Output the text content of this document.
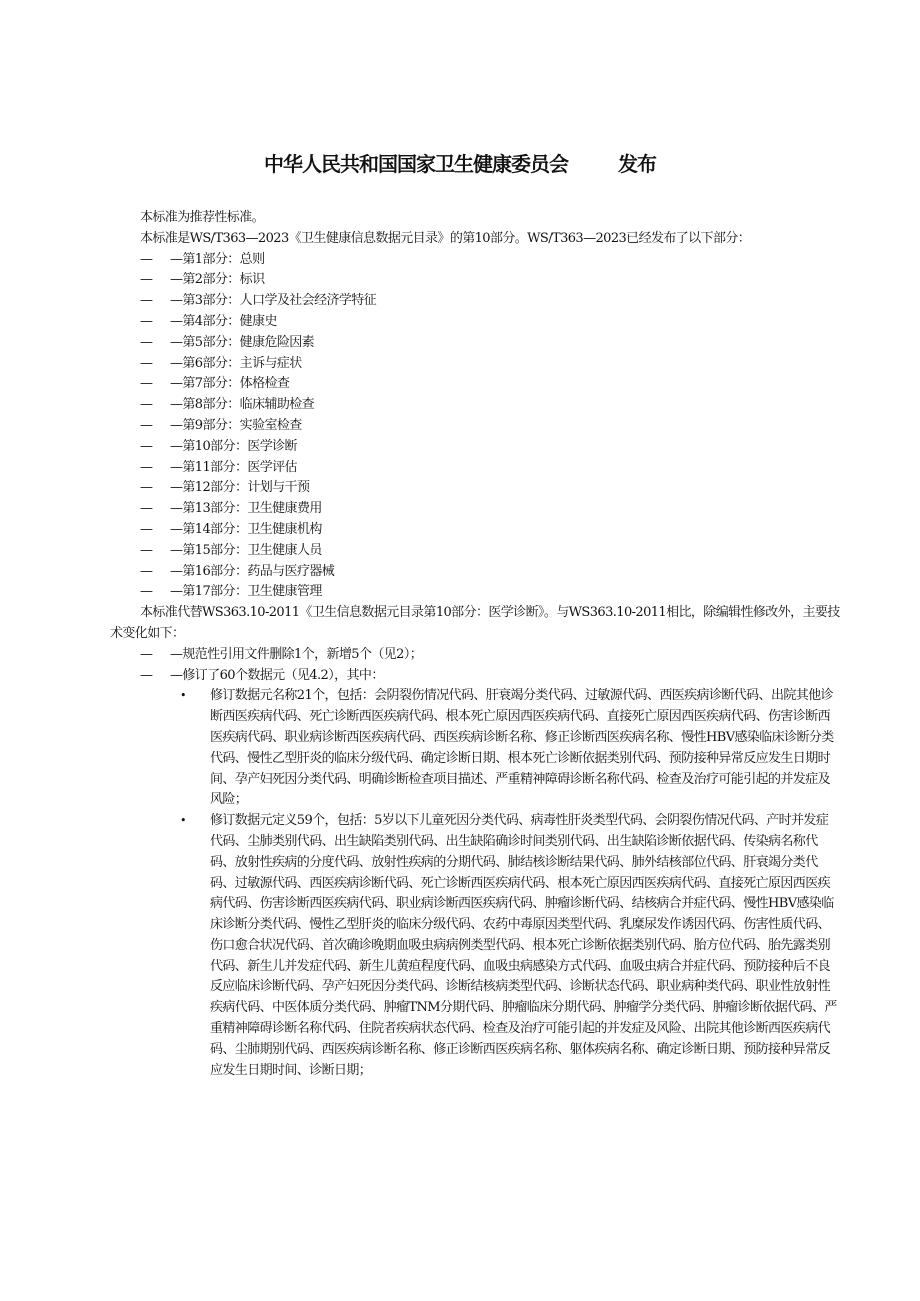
中华人民共和国国家卫生健康委员会	发布

本标准为推荐性标准。

本标准是WS/T363—2023《卫生健康信息数据元目录》的第10部分。WS/T363—2023已经发布了以下部分：

— —第1部分：总则
— —第2部分：标识
— —第3部分：人口学及社会经济学特征
— —第4部分：健康史
— —第5部分：健康危险因素
— —第6部分：主诉与症状
— —第7部分：体格检查
— —第8部分：临床辅助检查
— —第9部分：实验室检查
— —第10部分：医学诊断
— —第11部分：医学评估
— —第12部分：计划与干预
— —第13部分：卫生健康费用
— —第14部分：卫生健康机构
— —第15部分：卫生健康人员
— —第16部分：药品与医疗器械
— —第17部分：卫生健康管理

本标准代替WS363.10-2011《卫生信息数据元目录第10部分：医学诊断》。与WS363.10-2011相比，除编辑性修改外，主要技术变化如下：

— —规范性引用文件删除1个，新增5个（见2）；
— —修订了60个数据元（见4.2），其中：
• 修订数据元名称21个，包括：会阴裂伤情况代码、肝衰竭分类代码、过敏源代码、西医疾病诊断代码、出院其他诊断西医疾病代码、死亡诊断西医疾病代码、根本死亡原因西医疾病代码、直接死亡原因西医疾病代码、伤害诊断西医疾病代码、职业病诊断西医疾病代码、西医疾病诊断名称、修正诊断西医疾病名称、慢性HBV感染临床诊断分类代码、慢性乙型肝炎的临床分级代码、确定诊断日期、根本死亡诊断依据类别代码、预防接种异常反应发生日期时间、孕产妇死因分类代码、明确诊断检查项目描述、严重精神障碍诊断名称代码、检查及治疗可能引起的并发症及风险；
• 修订数据元定义59个，包括：5岁以下儿童死因分类代码、病毒性肝炎类型代码、会阴裂伤情况代码、产时并发症代码、尘肺类别代码、出生缺陷类别代码、出生缺陷确诊时间类别代码、出生缺陷诊断依据代码、传染病名称代码、放射性疾病的分度代码、放射性疾病的分期代码、肺结核诊断结果代码、肺外结核部位代码、肝衰竭分类代码、过敏源代码、西医疾病诊断代码、死亡诊断西医疾病代码、根本死亡原因西医疾病代码、直接死亡原因西医疾病代码、伤害诊断西医疾病代码、职业病诊断西医疾病代码、肿瘤诊断代码、结核病合并症代码、慢性HBV感染临床诊断分类代码、慢性乙型肝炎的临床分级代码、农药中毒原因类型代码、乳糜尿发作诱因代码、伤害性质代码、伤口愈合状况代码、首次确诊晚期血吸虫病病例类型代码、根本死亡诊断依据类别代码、胎方位代码、胎先露类别代码、新生儿并发症代码、新生儿黄疸程度代码、血吸虫病感染方式代码、血吸虫病合并症代码、预防接种后不良反应临床诊断代码、孕产妇死因分类代码、诊断结核病类型代码、诊断状态代码、职业病种类代码、职业性放射性疾病代码、中医体质分类代码、肿瘤TNM分期代码、肿瘤临床分期代码、肿瘤学分类代码、肿瘤诊断依据代码、严重精神障碍诊断名称代码、住院者疾病状态代码、检查及治疗可能引起的并发症及风险、出院其他诊断西医疾病代码、尘肺期别代码、西医疾病诊断名称、修正诊断西医疾病名称、躯体疾病名称、确定诊断日期、预防接种异常反应发生日期时间、诊断日期；
